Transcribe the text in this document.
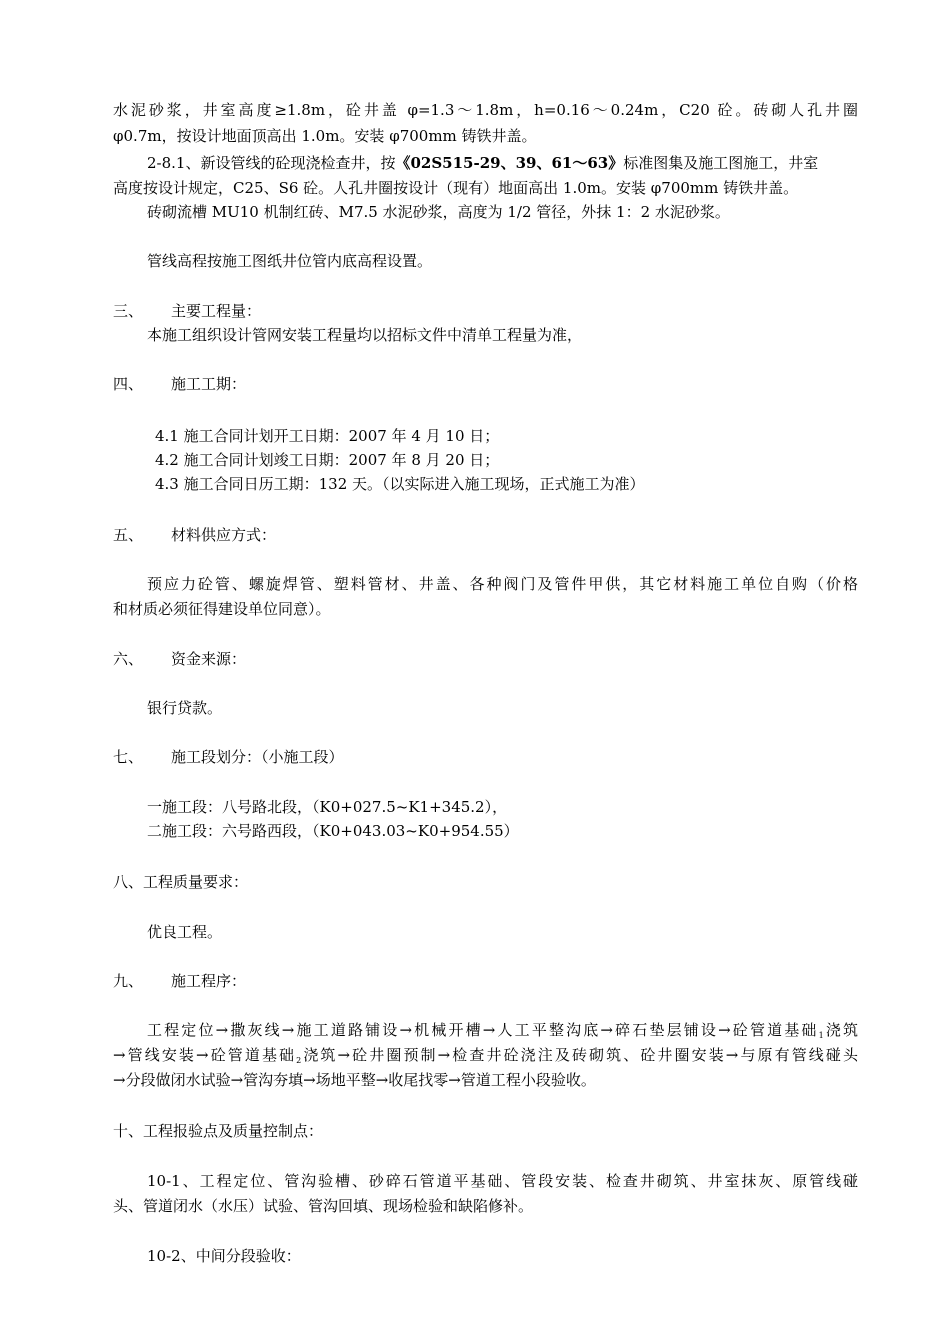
水泥砂浆，井室高度≥1.8m，砼井盖 φ=1.3～1.8m，h=0.16～0.24m，C20 砼。砖砌人孔井圈
φ0.7m，按设计地面顶高出 1.0m。安装 φ700mm 铸铁井盖。
2-8.1、新设管线的砼现浇检查井，按《02S515-29、39、61～63》标准图集及施工图施工，井室
高度按设计规定，C25、S6 砼。人孔井圈按设计（现有）地面高出 1.0m。安装 φ700mm 铸铁井盖。
砖砌流槽 MU10 机制红砖、M7.5 水泥砂浆，高度为 1/2 管径，外抹 1：2 水泥砂浆。
管线高程按施工图纸井位管内底高程设置。
三、 主要工程量：
本施工组织设计管网安装工程量均以招标文件中清单工程量为准，
四、 施工工期：
4.1 施工合同计划开工日期：2007 年 4 月 10 日；
4.2 施工合同计划竣工日期：2007 年 8 月 20 日；
4.3 施工合同日历工期：132 天。（以实际进入施工现场，正式施工为准）
五、 材料供应方式：
预应力砼管、螺旋焊管、塑料管材、井盖、各种阀门及管件甲供，其它材料施工单位自购（价格
和材质必须征得建设单位同意）。
六、 资金来源：
银行贷款。
七、 施工段划分：（小施工段）
一施工段：八号路北段，（K0+027.5~K1+345.2），
二施工段：六号路西段，（K0+043.03~K0+954.55）
八、工程质量要求：
优良工程。
九、 施工程序：
工程定位→撒灰线→施工道路铺设→机械开槽→人工平整沟底→碎石垫层铺设→砼管道基础$_1$浇筑
→管线安装→砼管道基础$_2$浇筑→砼井圈预制→检查井砼浇注及砖砌筑、砼井圈安装→与原有管线碰头
→分段做闭水试验→管沟夯填→场地平整→收尾找零→管道工程小段验收。
十、工程报验点及质量控制点：
10-1、工程定位、管沟验槽、砂碎石管道平基础、管段安装、检查井砌筑、井室抹灰、原管线碰
头、管道闭水（水压）试验、管沟回填、现场检验和缺陷修补。
10-2、中间分段验收：
